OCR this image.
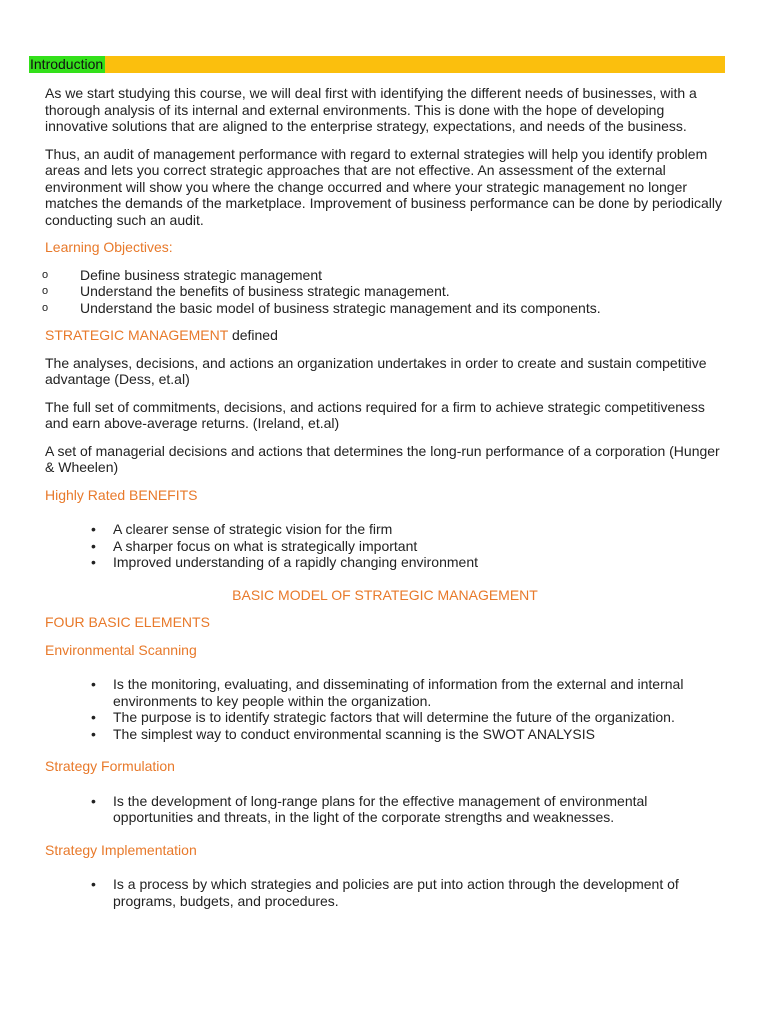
Introduction

As we start studying this course, we will deal first with identifying the different needs of businesses, with a thorough analysis of its internal and external environments. This is done with the hope of developing innovative solutions that are aligned to the enterprise strategy, expectations, and needs of the business.

Thus, an audit of management performance with regard to external strategies will help you identify problem areas and lets you correct strategic approaches that are not effective. An assessment of the external environment will show you where the change occurred and where your strategic management no longer matches the demands of the marketplace. Improvement of business performance can be done by periodically conducting such an audit.

Learning Objectives:
o Define business strategic management
o Understand the benefits of business strategic management.
o Understand the basic model of business strategic management and its components.
STRATEGIC MANAGEMENT defined

The analyses, decisions, and actions an organization undertakes in order to create and sustain competitive advantage (Dess, et.al)

The full set of commitments, decisions, and actions required for a firm to achieve strategic competitiveness and earn above-average returns. (Ireland, et.al)

A set of managerial decisions and actions that determines the long-run performance of a corporation (Hunger & Wheelen)

Highly Rated BENEFITS
• A clearer sense of strategic vision for the firm
• A sharper focus on what is strategically important
• Improved understanding of a rapidly changing environment
BASIC MODEL OF STRATEGIC MANAGEMENT
FOUR BASIC ELEMENTS
Environmental Scanning
• Is the monitoring, evaluating, and disseminating of information from the external and internal environments to key people within the organization.
• The purpose is to identify strategic factors that will determine the future of the organization.
• The simplest way to conduct environmental scanning is the SWOT ANALYSIS
Strategy Formulation
• Is the development of long-range plans for the effective management of environmental opportunities and threats, in the light of the corporate strengths and weaknesses.
Strategy Implementation
• Is a process by which strategies and policies are put into action through the development of programs, budgets, and procedures.
